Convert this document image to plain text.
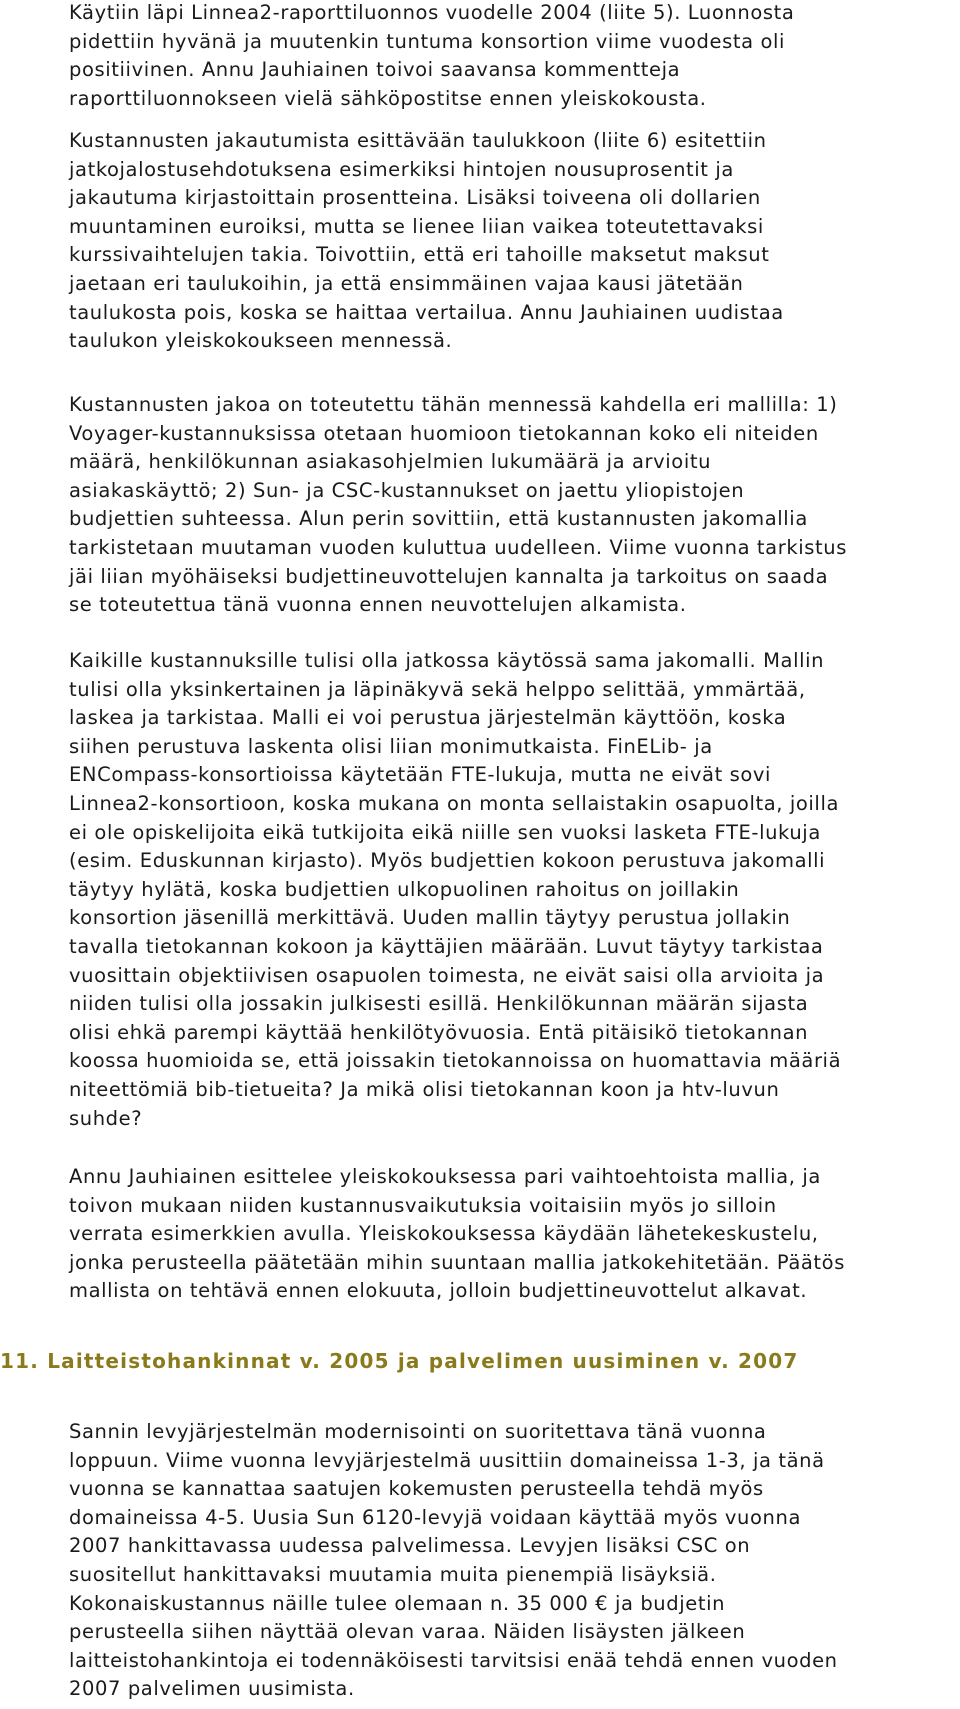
Käytiin läpi Linnea2-raporttiluonnos vuodelle 2004 (liite 5). Luonnosta
pidettiin hyvänä ja muutenkin tuntuma konsortion viime vuodesta oli
positiivinen. Annu Jauhiainen toivoi saavansa kommentteja
raporttiluonnokseen vielä sähköpostitse ennen yleiskokousta.

Kustannusten jakautumista esittävään taulukkoon (liite 6) esitettiin
jatkojalostusehdotuksena esimerkiksi hintojen nousuprosentit ja
jakautuma kirjastoittain prosentteina. Lisäksi toiveena oli dollarien
muuntaminen euroiksi, mutta se lienee liian vaikea toteutettavaksi
kurssivaihtelujen takia. Toivottiin, että eri tahoille maksetut maksut
jaetaan eri taulukoihin, ja että ensimmäinen vajaa kausi jätetään
taulukosta pois, koska se haittaa vertailua. Annu Jauhiainen uudistaa
taulukon yleiskokoukseen mennessä.

Kustannusten jakoa on toteutettu tähän mennessä kahdella eri mallilla: 1)
Voyager-kustannuksissa otetaan huomioon tietokannan koko eli niteiden
määrä, henkilökunnan asiakasohjelmien lukumäärä ja arvioitu
asiakaskäyttö; 2) Sun- ja CSC-kustannukset on jaettu yliopistojen
budjettien suhteessa. Alun perin sovittiin, että kustannusten jakomallia
tarkistetaan muutaman vuoden kuluttua uudelleen. Viime vuonna tarkistus
jäi liian myöhäiseksi budjettineuvottelujen kannalta ja tarkoitus on saada
se toteutettua tänä vuonna ennen neuvottelujen alkamista.

Kaikille kustannuksille tulisi olla jatkossa käytössä sama jakomalli. Mallin
tulisi olla yksinkertainen ja läpinäkyvä sekä helppo selittää, ymmärtää,
laskea ja tarkistaa. Malli ei voi perustua järjestelmän käyttöön, koska
siihen perustuva laskenta olisi liian monimutkaista. FinELib- ja
ENCompass-konsortioissa käytetään FTE-lukuja, mutta ne eivät sovi
Linnea2-konsortioon, koska mukana on monta sellaistakin osapuolta, joilla
ei ole opiskelijoita eikä tutkijoita eikä niille sen vuoksi lasketa FTE-lukuja
(esim. Eduskunnan kirjasto). Myös budjettien kokoon perustuva jakomalli
täytyy hylätä, koska budjettien ulkopuolinen rahoitus on joillakin
konsortion jäsenillä merkittävä. Uuden mallin täytyy perustua jollakin
tavalla tietokannan kokoon ja käyttäjien määrään. Luvut täytyy tarkistaa
vuosittain objektiivisen osapuolen toimesta, ne eivät saisi olla arvioita ja
niiden tulisi olla jossakin julkisesti esillä. Henkilökunnan määrän sijasta
olisi ehkä parempi käyttää henkilötyövuosia. Entä pitäisikö tietokannan
koossa huomioida se, että joissakin tietokannoissa on huomattavia määriä
niteettömiä bib-tietueita? Ja mikä olisi tietokannan koon ja htv-luvun
suhde?

Annu Jauhiainen esittelee yleiskokouksessa pari vaihtoehtoista mallia, ja
toivon mukaan niiden kustannusvaikutuksia voitaisiin myös jo silloin
verrata esimerkkien avulla. Yleiskokouksessa käydään lähetekeskustelu,
jonka perusteella päätetään mihin suuntaan mallia jatkokehitetään. Päätös
mallista on tehtävä ennen elokuuta, jolloin budjettineuvottelut alkavat.

11. Laitteistohankinnat v. 2005 ja palvelimen uusiminen v. 2007

Sannin levyjärjestelmän modernisointi on suoritettava tänä vuonna
loppuun. Viime vuonna levyjärjestelmä uusittiin domaineissa 1-3, ja tänä
vuonna se kannattaa saatujen kokemusten perusteella tehdä myös
domaineissa 4-5. Uusia Sun 6120-levyjä voidaan käyttää myös vuonna
2007 hankittavassa uudessa palvelimessa. Levyjen lisäksi CSC on
suositellut hankittavaksi muutamia muita pienempiä lisäyksiä.
Kokonaiskustannus näille tulee olemaan n. 35 000 € ja budjetin
perusteella siihen näyttää olevan varaa. Näiden lisäysten jälkeen
laitteistohankintoja ei todennäköisesti tarvitsisi enää tehdä ennen vuoden
2007 palvelimen uusimista.
